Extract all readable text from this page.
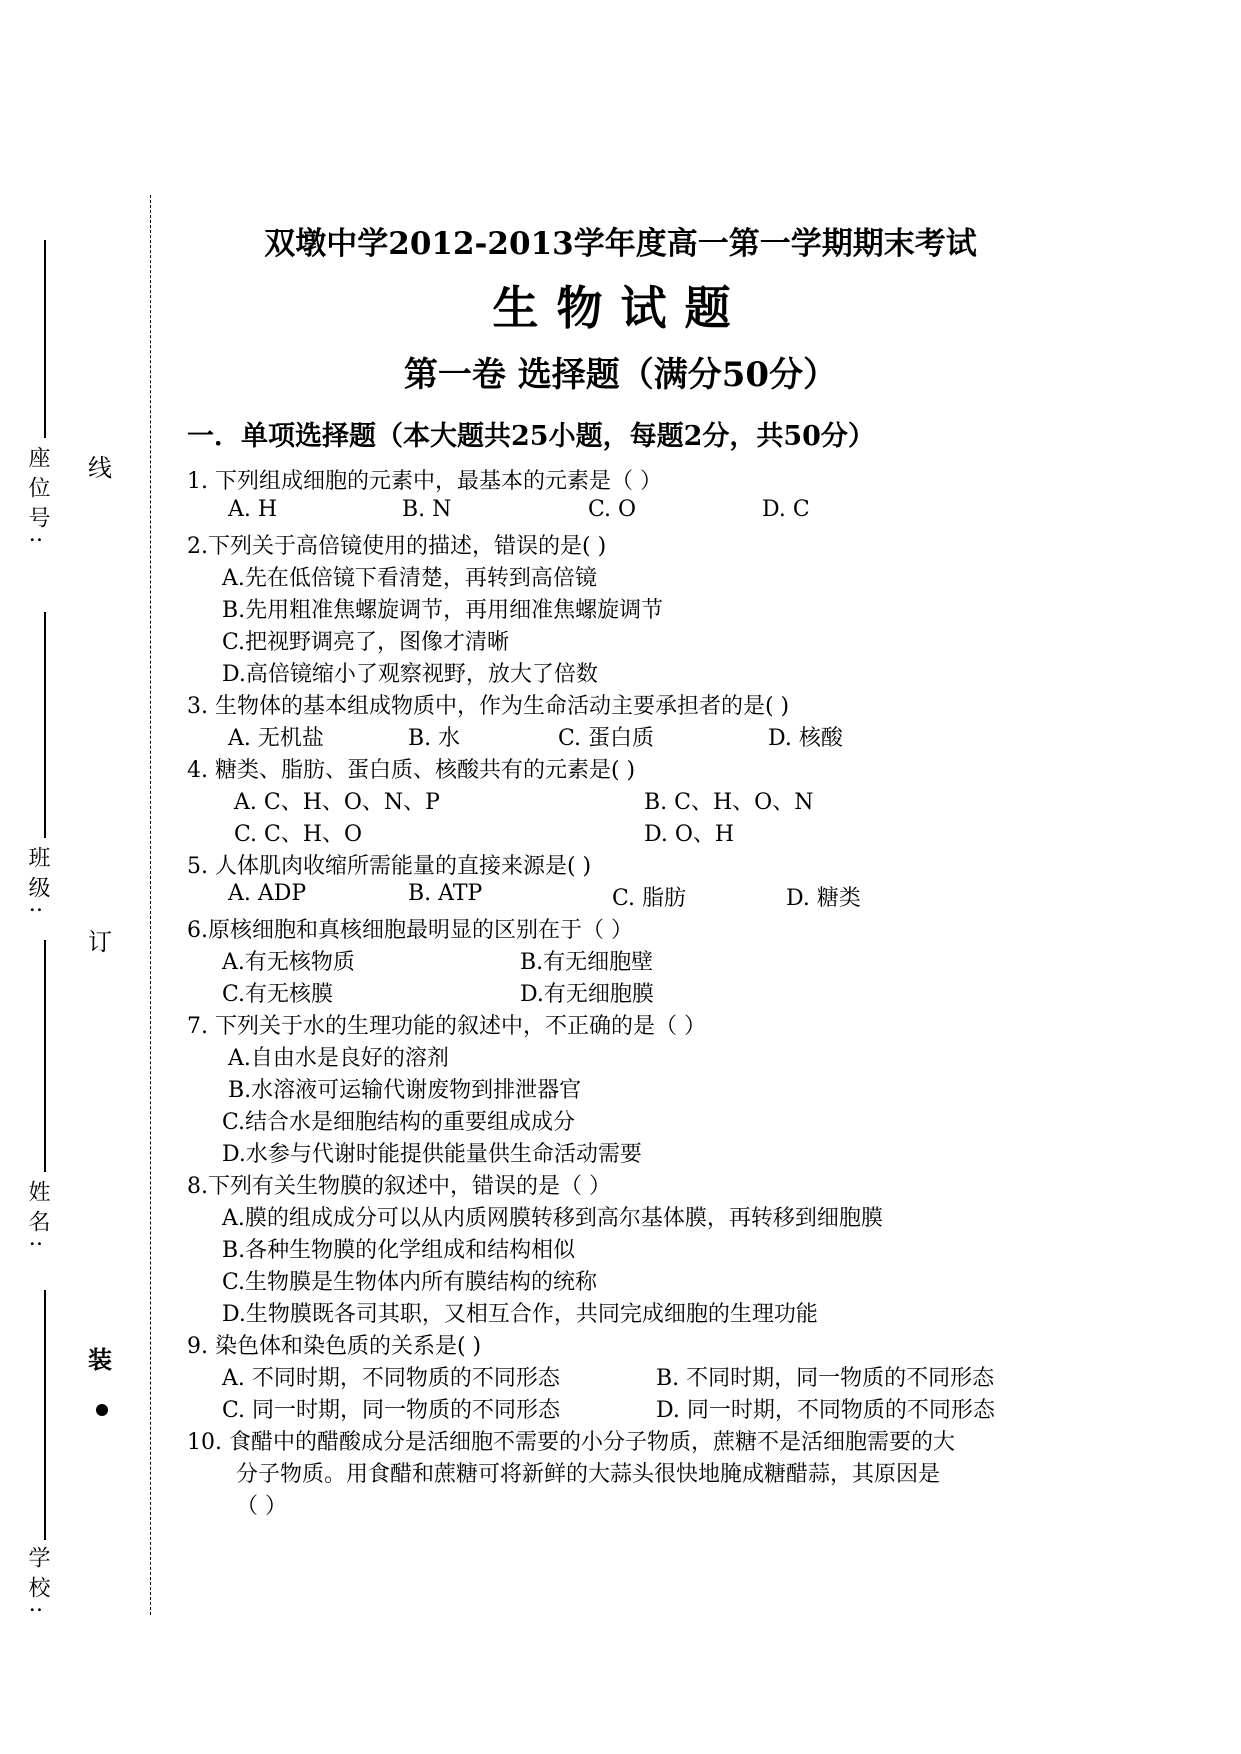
座位号:
班级:
姓名:
学校:
线
订
装
双墩中学2012-2013学年度高一第一学期期末考试
生物试题
第一卷 选择题（满分50分）
一．单项选择题（本大题共25小题，每题2分，共50分）
1. 下列组成细胞的元素中，最基本的元素是（ ）
A. H	B. N	C. O	D. C
2.下列关于高倍镜使用的描述，错误的是( )
A.先在低倍镜下看清楚，再转到高倍镜
B.先用粗准焦螺旋调节，再用细准焦螺旋调节
C.把视野调亮了，图像才清晰
D.高倍镜缩小了观察视野，放大了倍数
3. 生物体的基本组成物质中，作为生命活动主要承担者的是( )
A. 无机盐	B. 水	C. 蛋白质	D. 核酸
4. 糖类、脂肪、蛋白质、核酸共有的元素是( )
A. C、H、O、N、P	B. C、H、O、N
C. C、H、O	D. O、H
5. 人体肌肉收缩所需能量的直接来源是( )
A. ADP	B. ATP	C. 脂肪	D. 糖类
6.原核细胞和真核细胞最明显的区别在于（ ）
A.有无核物质	B.有无细胞壁
C.有无核膜	D.有无细胞膜
7. 下列关于水的生理功能的叙述中，不正确的是（ ）
A.自由水是良好的溶剂
B.水溶液可运输代谢废物到排泄器官
C.结合水是细胞结构的重要组成成分
D.水参与代谢时能提供能量供生命活动需要
8.下列有关生物膜的叙述中，错误的是（ ）
A.膜的组成成分可以从内质网膜转移到高尔基体膜，再转移到细胞膜
B.各种生物膜的化学组成和结构相似
C.生物膜是生物体内所有膜结构的统称
D.生物膜既各司其职，又相互合作，共同完成细胞的生理功能
9. 染色体和染色质的关系是( )
A. 不同时期，不同物质的不同形态	B. 不同时期，同一物质的不同形态
C. 同一时期，同一物质的不同形态	D. 同一时期，不同物质的不同形态
10. 食醋中的醋酸成分是活细胞不需要的小分子物质，蔗糖不是活细胞需要的大
分子物质。用食醋和蔗糖可将新鲜的大蒜头很快地腌成糖醋蒜，其原因是
（ ）
